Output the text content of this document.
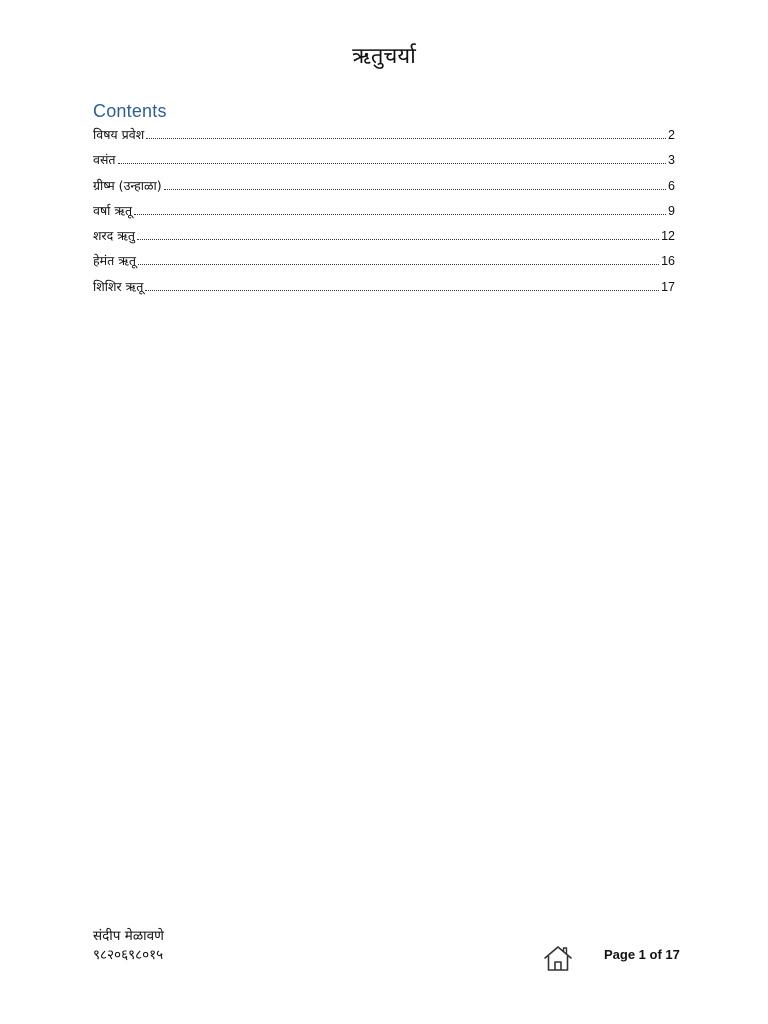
ऋतुचर्या
Contents
विषय प्रवेश	2
वसंत	3
ग्रीष्म (उन्हाळा)	6
वर्षा ऋतू	9
शरद ऋतु	12
हेमंत ऋतू	16
शिशिर ऋतू	17
संदीप मेळावणे
९८२०६९८०१५	Page 1 of 17
